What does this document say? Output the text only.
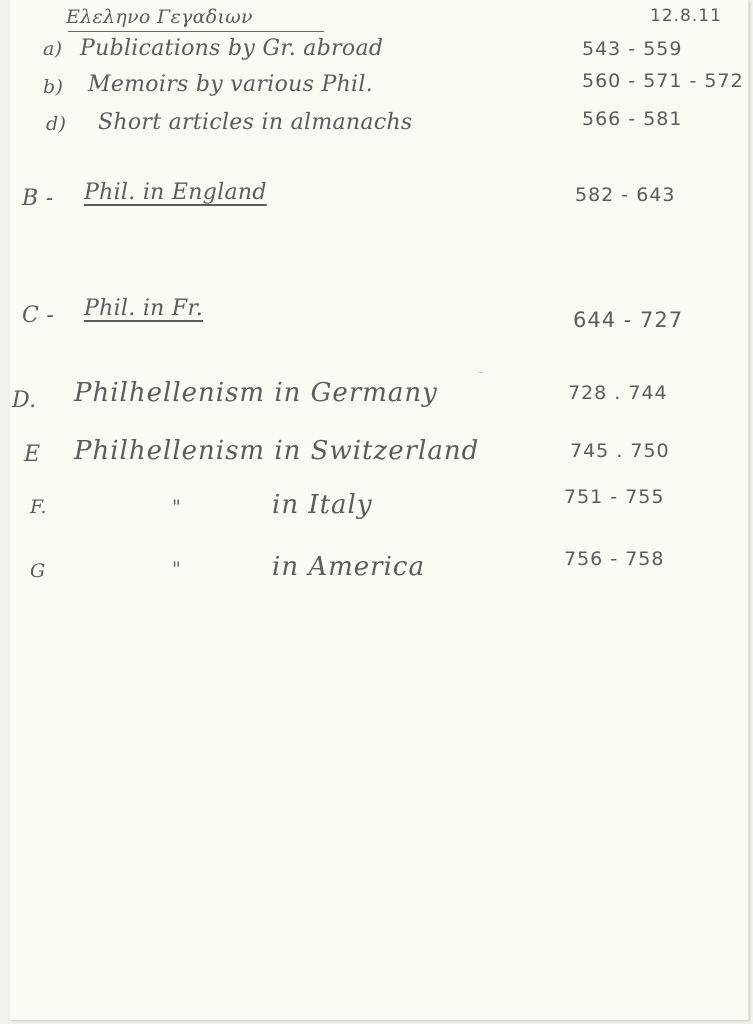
Ελεληνο Γεγαδιων	12.8.11
a) Publications by Gr. abroad	543 - 559
b) Memoirs by various Phil.	560 - 571 - 572
d) Short articles in almanachs	566 - 581
B - Phil. in England	582 - 643
C - Phil. in Fr.	644 - 727
D. Philhellenism in Germany	728 . 744
E Philhellenism in Switzerland	745 . 750
F.	"	in Italy	751 - 755
G	"	in America	756 - 758
